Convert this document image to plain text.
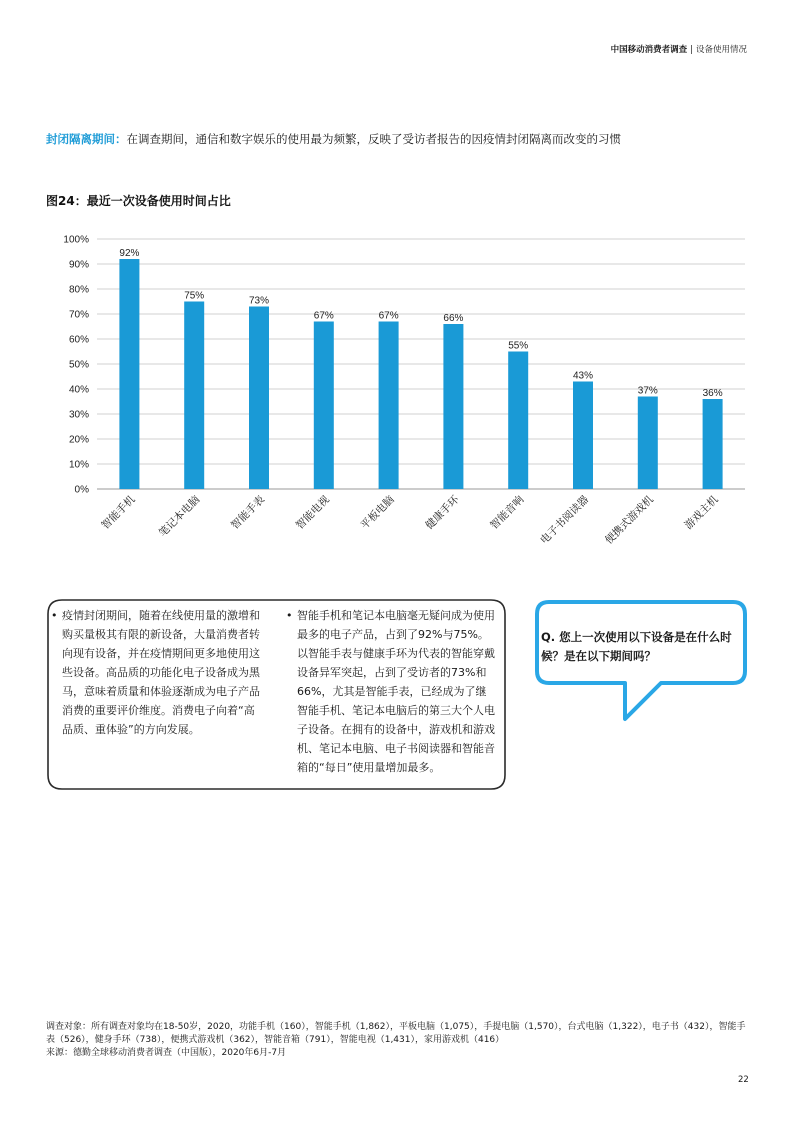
中国移动消费者调查 | 设备使用情况
封闭隔离期间：在调查期间，通信和数字娱乐的使用最为频繁，反映了受访者报告的因疫情封闭隔离而改变的习惯
图24：最近一次设备使用时间占比
0%
10%
20%
30%
40%
50%
60%
70%
80%
90%
100%
92%
75%	73%
67%	67%	66%
55%
43%
37%	36%
智能手机 笔记本电脑	智能手表	智能电视	平板电脑	健康手环	智能音响 电子书阅读器 便携式游戏机	游戏主机
• 疫情封闭期间，随着在线使用量的激增和购买量极其有限的新设备，大量消费者转向现有设备，并在疫情期间更多地使用这些设备。高品质的功能化电子设备成为黑马，意味着质量和体验逐渐成为电子产品消费的重要评价维度。消费电子向着“高品质、重体验”的方向发展。
• 智能手机和笔记本电脑毫无疑问成为使用最多的电子产品，占到了92%与75%。以智能手表与健康手环为代表的智能穿戴设备异军突起，占到了受访者的73%和66%，尤其是智能手表，已经成为了继智能手机、笔记本电脑后的第三大个人电子设备。在拥有的设备中，游戏机和游戏机、笔记本电脑、电子书阅读器和智能音箱的“每日”使用量增加最多。
Q. 您上一次使用以下设备是在什么时候？是在以下期间吗？
调查对象：所有调查对象均在18-50岁，2020，功能手机（160），智能手机（1,862），平板电脑（1,075），手提电脑（1,570），台式电脑（1,322），电子书（432），智能手表（526），健身手环（738），便携式游戏机（362），智能音箱（791），智能电视（1,431），家用游戏机（416）
来源：德勤全球移动消费者调查（中国版），2020年6月-7月
22
